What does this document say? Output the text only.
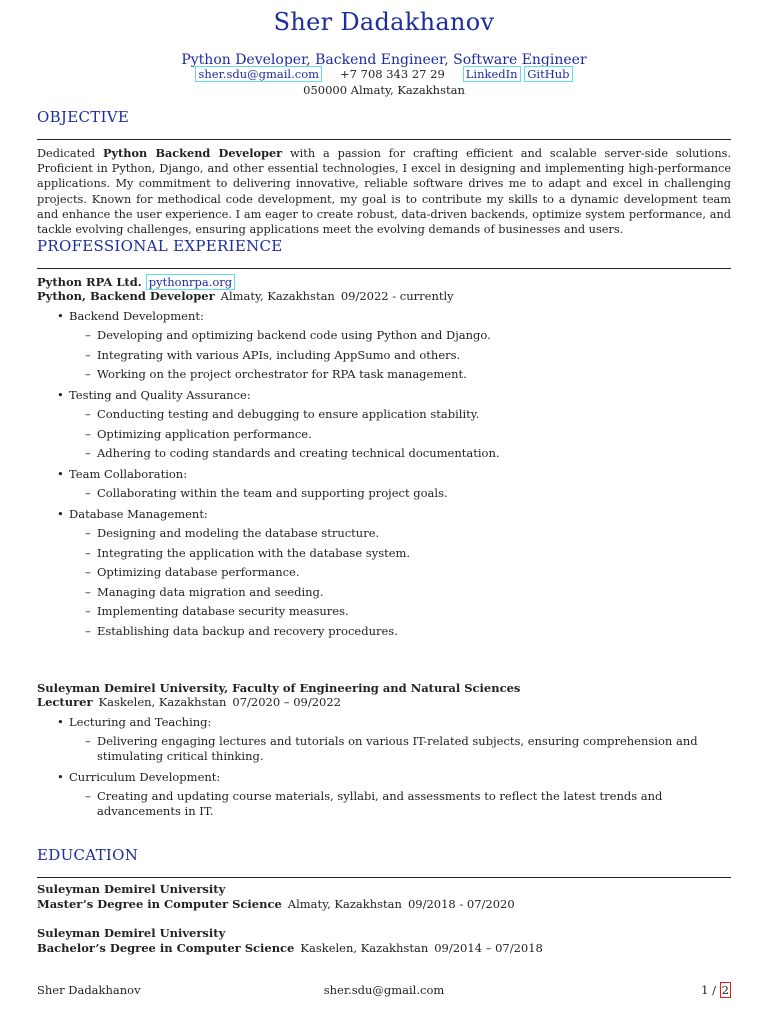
Sher Dadakhanov
Python Developer, Backend Engineer, Software Engineer
sher.sdu@gmail.com +7 708 343 27 29 LinkedIn GitHub
050000 Almaty, Kazakhstan
OBJECTIVE
Dedicated Python Backend Developer with a passion for crafting efficient and scalable server-side solutions. Proficient in Python, Django, and other essential technologies, I excel in designing and implementing high-performance applications. My commitment to delivering innovative, reliable software drives me to adapt and excel in challenging projects. Known for methodical code development, my goal is to contribute my skills to a dynamic development team and enhance the user experience. I am eager to create robust, data-driven backends, optimize system performance, and tackle evolving challenges, ensuring applications meet the evolving demands of businesses and users.
PROFESSIONAL EXPERIENCE
Python RPA Ltd. pythonrpa.org
Python, Backend Developer Almaty, Kazakhstan 09/2022 - currently
• Backend Development:
– Developing and optimizing backend code using Python and Django.
– Integrating with various APIs, including AppSumo and others.
– Working on the project orchestrator for RPA task management.
• Testing and Quality Assurance:
– Conducting testing and debugging to ensure application stability.
– Optimizing application performance.
– Adhering to coding standards and creating technical documentation.
• Team Collaboration:
– Collaborating within the team and supporting project goals.
• Database Management:
– Designing and modeling the database structure.
– Integrating the application with the database system.
– Optimizing database performance.
– Managing data migration and seeding.
– Implementing database security measures.
– Establishing data backup and recovery procedures.
Suleyman Demirel University, Faculty of Engineering and Natural Sciences
Lecturer Kaskelen, Kazakhstan 07/2020 – 09/2022
• Lecturing and Teaching:
– Delivering engaging lectures and tutorials on various IT-related subjects, ensuring comprehension and stimulating critical thinking.
• Curriculum Development:
– Creating and updating course materials, syllabi, and assessments to reflect the latest trends and advancements in IT.
EDUCATION
Suleyman Demirel University
Master’s Degree in Computer Science Almaty, Kazakhstan 09/2018 - 07/2020
Suleyman Demirel University
Bachelor’s Degree in Computer Science Kaskelen, Kazakhstan 09/2014 – 07/2018
Sher Dadakhanov	sher.sdu@gmail.com	1 / 2
